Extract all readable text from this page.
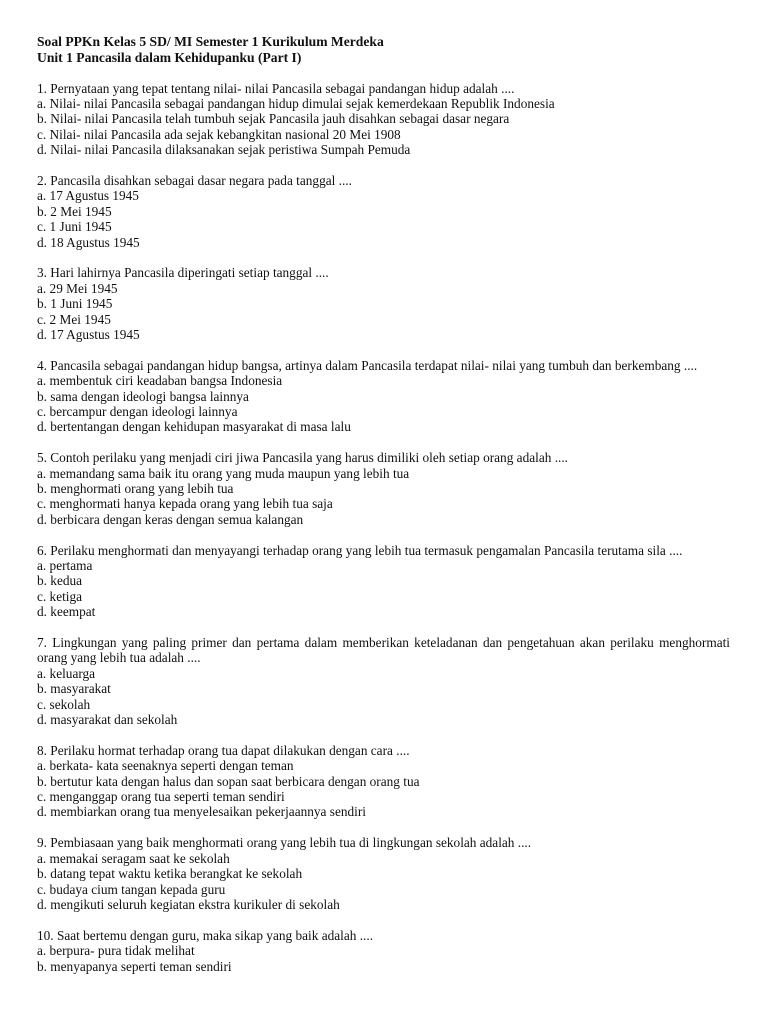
Soal PPKn Kelas 5 SD/ MI Semester 1 Kurikulum Merdeka
Unit 1 Pancasila dalam Kehidupanku (Part I)
1. Pernyataan yang tepat tentang nilai- nilai Pancasila sebagai pandangan hidup adalah ....
a. Nilai- nilai Pancasila sebagai pandangan hidup dimulai sejak kemerdekaan Republik Indonesia
b. Nilai- nilai Pancasila telah tumbuh sejak Pancasila jauh disahkan sebagai dasar negara
c. Nilai- nilai Pancasila ada sejak kebangkitan nasional 20 Mei 1908
d. Nilai- nilai Pancasila dilaksanakan sejak peristiwa Sumpah Pemuda
2. Pancasila disahkan sebagai dasar negara pada tanggal ....
a. 17 Agustus 1945
b. 2 Mei 1945
c. 1 Juni 1945
d. 18 Agustus 1945
3. Hari lahirnya Pancasila diperingati setiap tanggal ....
a. 29 Mei 1945
b. 1 Juni 1945
c. 2 Mei 1945
d. 17 Agustus 1945
4. Pancasila sebagai pandangan hidup bangsa, artinya dalam Pancasila terdapat nilai- nilai yang tumbuh dan berkembang ....
a. membentuk ciri keadaban bangsa Indonesia
b. sama dengan ideologi bangsa lainnya
c. bercampur dengan ideologi lainnya
d. bertentangan dengan kehidupan masyarakat di masa lalu
5. Contoh perilaku yang menjadi ciri jiwa Pancasila yang harus dimiliki oleh setiap orang adalah ....
a. memandang sama baik itu orang yang muda maupun yang lebih tua
b. menghormati orang yang lebih tua
c. menghormati hanya kepada orang yang lebih tua saja
d. berbicara dengan keras dengan semua kalangan
6. Perilaku menghormati dan menyayangi terhadap orang yang lebih tua termasuk pengamalan Pancasila terutama sila ....
a. pertama
b. kedua
c. ketiga
d. keempat
7. Lingkungan yang paling primer dan pertama dalam memberikan keteladanan dan pengetahuan akan perilaku menghormati orang yang lebih tua adalah ....
a. keluarga
b. masyarakat
c. sekolah
d. masyarakat dan sekolah
8. Perilaku hormat terhadap orang tua dapat dilakukan dengan cara ....
a. berkata- kata seenaknya seperti dengan teman
b. bertutur kata dengan halus dan sopan saat berbicara dengan orang tua
c. menganggap orang tua seperti teman sendiri
d. membiarkan orang tua menyelesaikan pekerjaannya sendiri
9. Pembiasaan yang baik menghormati orang yang lebih tua di lingkungan sekolah adalah ....
a. memakai seragam saat ke sekolah
b. datang tepat waktu ketika berangkat ke sekolah
c. budaya cium tangan kepada guru
d. mengikuti seluruh kegiatan ekstra kurikuler di sekolah
10. Saat bertemu dengan guru, maka sikap yang baik adalah ....
a. berpura- pura tidak melihat
b. menyapanya seperti teman sendiri
